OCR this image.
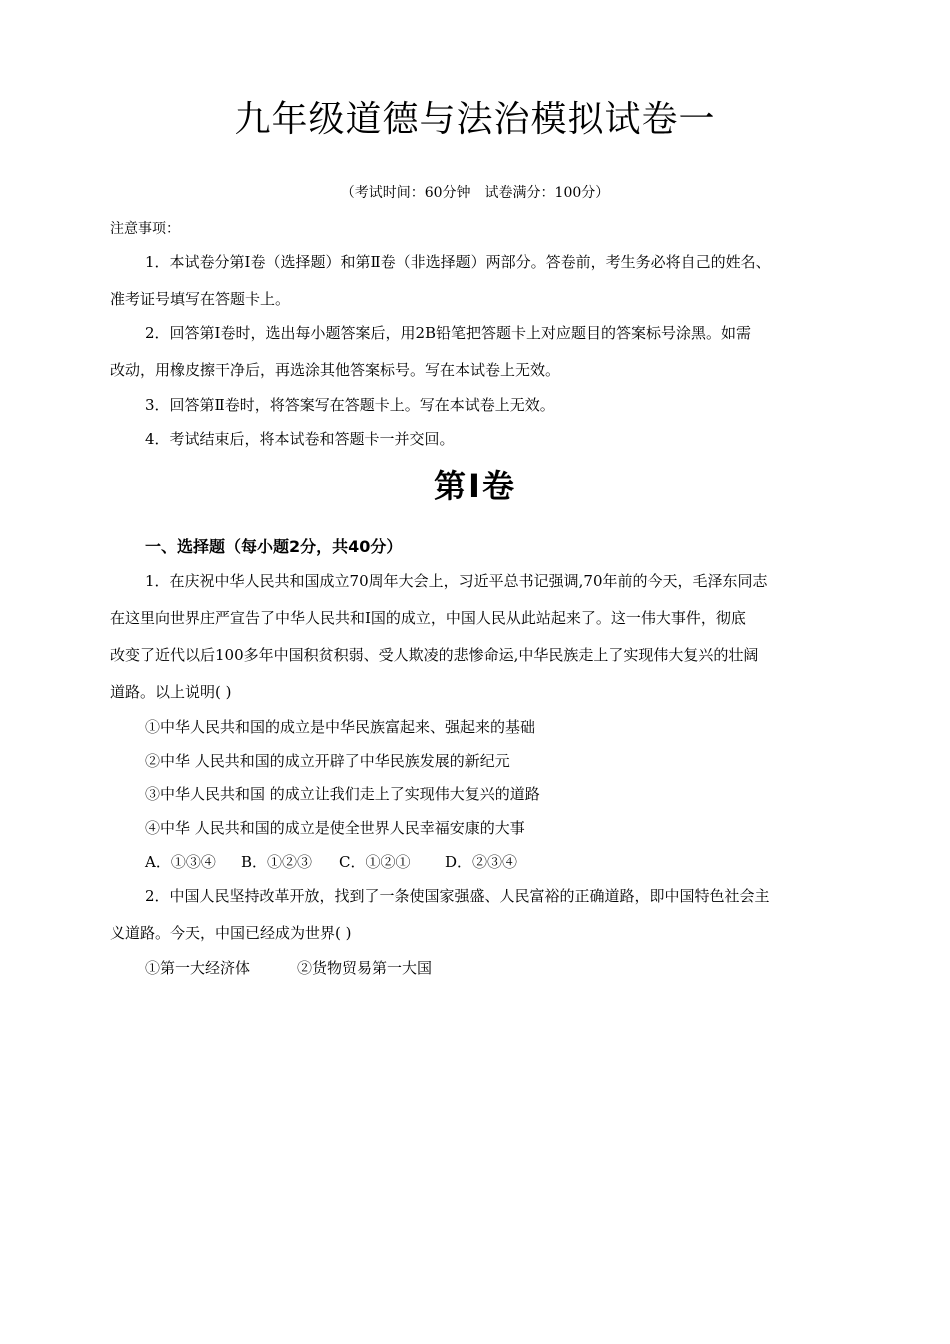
九年级道德与法治模拟试卷一
（考试时间：60分钟　试卷满分：100分）
注意事项：
1．本试卷分第Ⅰ卷（选择题）和第Ⅱ卷（非选择题）两部分。答卷前，考生务必将自己的姓名、
准考证号填写在答题卡上。
2．回答第Ⅰ卷时，选出每小题答案后，用2B铅笔把答题卡上对应题目的答案标号涂黑。如需
改动，用橡皮擦干净后，再选涂其他答案标号。写在本试卷上无效。
3．回答第Ⅱ卷时，将答案写在答题卡上。写在本试卷上无效。
4．考试结束后，将本试卷和答题卡一并交回。
第Ⅰ卷
一、选择题（每小题2分，共40分）
1．在庆祝中华人民共和国成立70周年大会上，习近平总书记强调,70年前的今天，毛泽东同志
在这里向世界庄严宣告了中华人民共和I国的成立，中国人民从此站起来了。这一伟大事件，彻底
改变了近代以后100多年中国积贫积弱、受人欺凌的悲惨命运,中华民族走上了实现伟大复兴的壮阔
道路。以上说明( )
①中华人民共和国的成立是中华民族富起来、强起来的基础
②中华 人民共和国的成立开辟了中华民族发展的新纪元
③中华人民共和国 的成立让我们走上了实现伟大复兴的道路
④中华 人民共和国的成立是使全世界人民幸福安康的大事
A．①③④ B．①②③ C．①②① D．②③④
2．中国人民坚持改革开放，找到了一条使国家强盛、人民富裕的正确道路，即中国特色社会主
义道路。今天，中国已经成为世界( )
①第一大经济体	②货物贸易第一大国
